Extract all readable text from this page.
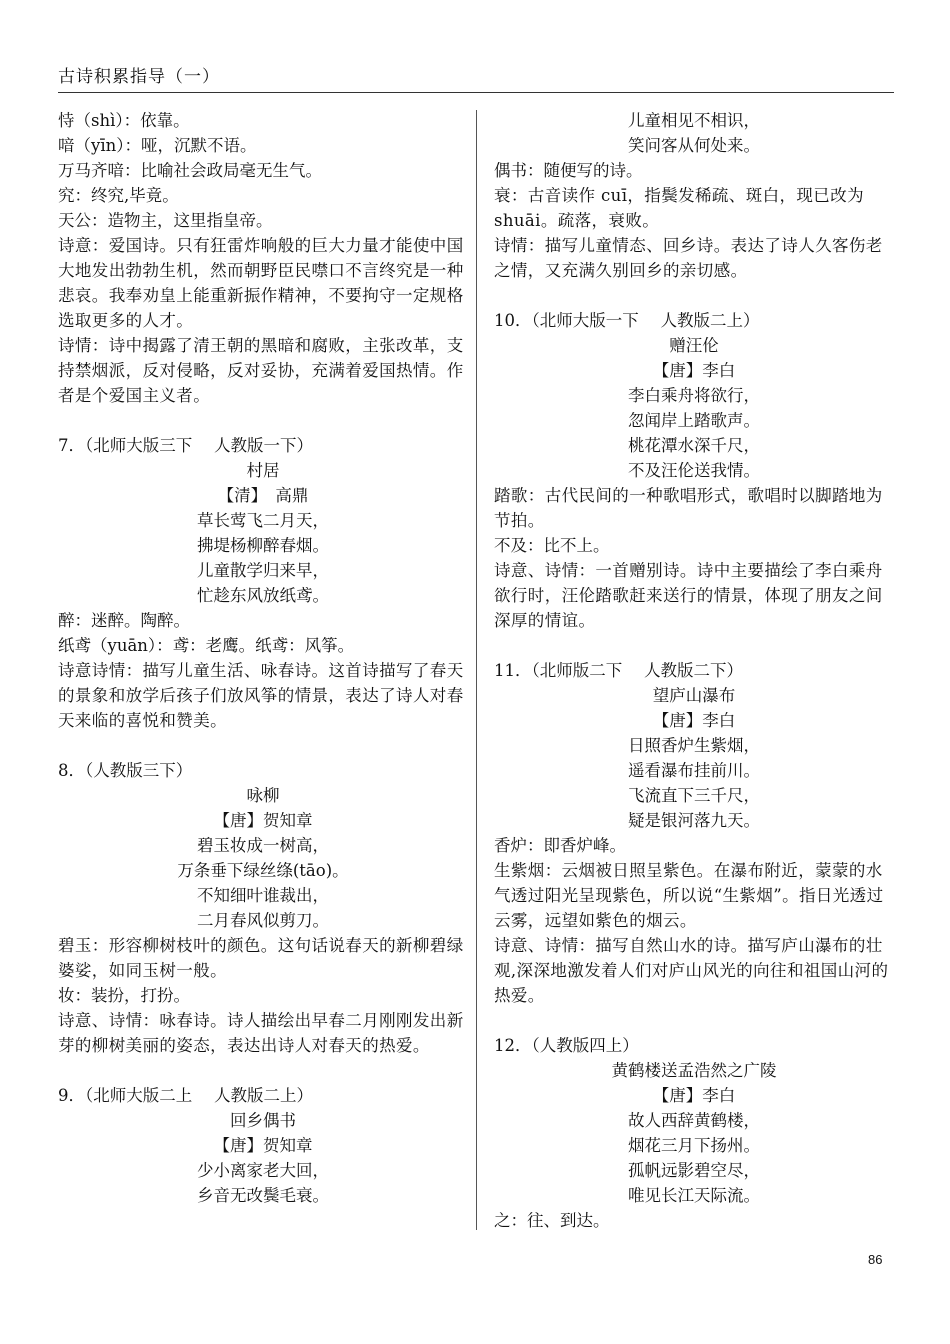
古诗积累指导（一）
恃（shì）：依靠。
喑（yīn）：哑，沉默不语。
万马齐喑：比喻社会政局毫无生气。
究：终究,毕竟。
天公：造物主，这里指皇帝。
诗意：爱国诗。只有狂雷炸响般的巨大力量才能使中国大地发出勃勃生机，然而朝野臣民噤口不言终究是一种悲哀。我奉劝皇上能重新振作精神，不要拘守一定规格选取更多的人才。
诗情：诗中揭露了清王朝的黑暗和腐败，主张改革，支持禁烟派，反对侵略，反对妥协，充满着爱国热情。作者是个爱国主义者。
7．（北师大版三下　 人教版一下）
村居
【清】　高鼎
草长莺飞二月天，
拂堤杨柳醉春烟。
儿童散学归来早，
忙趁东风放纸鸢。
醉：迷醉。陶醉。
纸鸢（yuān）：鸢：老鹰。纸鸢：风筝。
诗意诗情：描写儿童生活、咏春诗。这首诗描写了春天的景象和放学后孩子们放风筝的情景，表达了诗人对春天来临的喜悦和赞美。
8．（人教版三下）
咏柳
【唐】贺知章
碧玉妆成一树高，
万条垂下绿丝绦(tāo)。
不知细叶谁裁出，
二月春风似剪刀。
碧玉：形容柳树枝叶的颜色。这句话说春天的新柳碧绿婆娑，如同玉树一般。
妆：装扮，打扮。
诗意、诗情：咏春诗。诗人描绘出早春二月刚刚发出新芽的柳树美丽的姿态，表达出诗人对春天的热爱。
9．（北师大版二上　 人教版二上）
回乡偶书
【唐】贺知章
少小离家老大回，
乡音无改鬓毛衰。
儿童相见不相识，
笑问客从何处来。
偶书：随便写的诗。
衰：古音读作 cuī，指鬓发稀疏、斑白，现已改为 shuāi。疏落，衰败。
诗情：描写儿童情态、回乡诗。表达了诗人久客伤老之情，又充满久别回乡的亲切感。
10．（北师大版一下　 人教版二上）
赠汪伦
【唐】李白
李白乘舟将欲行，
忽闻岸上踏歌声。
桃花潭水深千尺，
不及汪伦送我情。
踏歌：古代民间的一种歌唱形式，歌唱时以脚踏地为节拍。
不及：比不上。
诗意、诗情：一首赠别诗。诗中主要描绘了李白乘舟欲行时，汪伦踏歌赶来送行的情景，体现了朋友之间深厚的情谊。
11．（北师版二下　 人教版二下）
望庐山瀑布
【唐】李白
日照香炉生紫烟，
遥看瀑布挂前川。
飞流直下三千尺，
疑是银河落九天。
香炉：即香炉峰。
生紫烟：云烟被日照呈紫色。在瀑布附近，蒙蒙的水气透过阳光呈现紫色，所以说“生紫烟”。指日光透过云雾，远望如紫色的烟云。
诗意、诗情：描写自然山水的诗。描写庐山瀑布的壮观,深深地激发着人们对庐山风光的向往和祖国山河的热爱。
12．（人教版四上）
黄鹤楼送孟浩然之广陵
【唐】李白
故人西辞黄鹤楼，
烟花三月下扬州。
孤帆远影碧空尽，
唯见长江天际流。
之：往、到达。
86
